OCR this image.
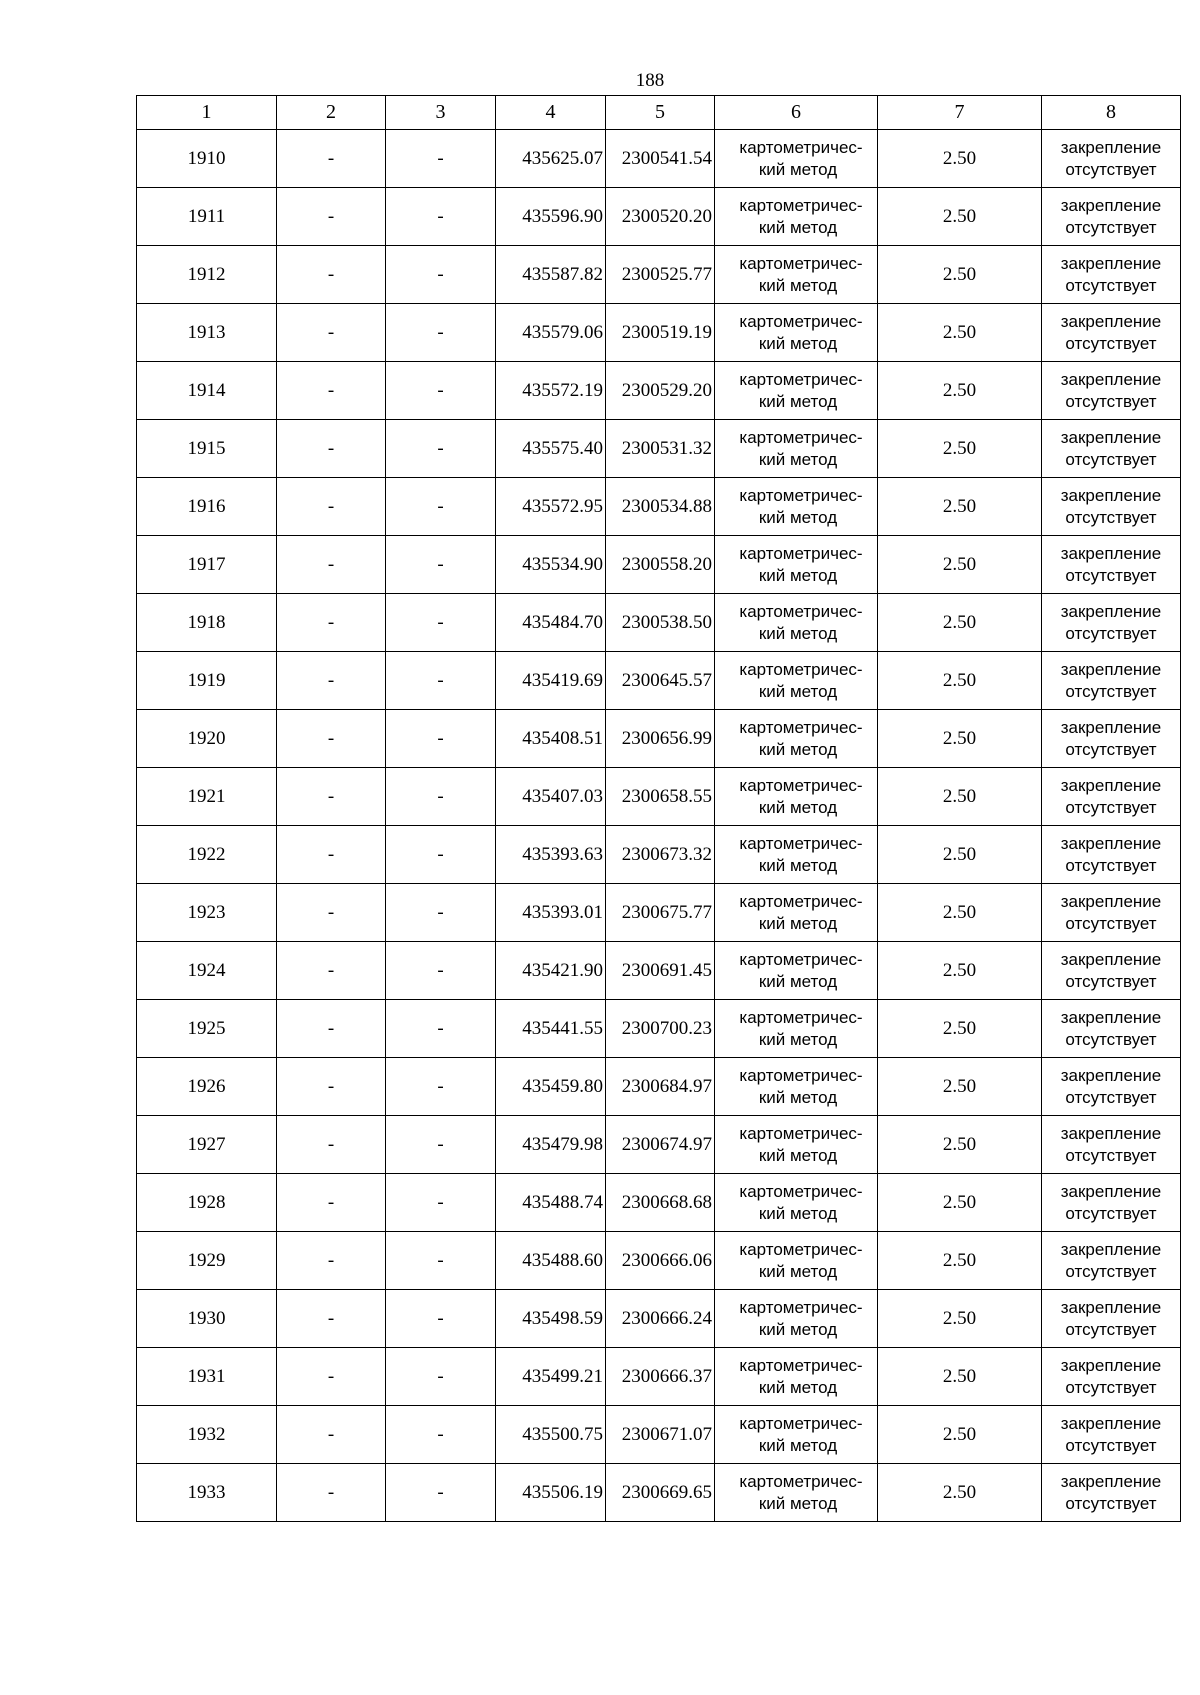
188
1	2	3	4	5	6	7	8
1910	-	-	435625.07	2300541.54	картометричес-
кий метод	2.50	закрепление
отсутствует

1911	-	-	435596.90	2300520.20	картометричес-
кий метод	2.50	закрепление
отсутствует

1912	-	-	435587.82	2300525.77	картометричес-
кий метод	2.50	закрепление
отсутствует

1913	-	-	435579.06	2300519.19	картометричес-
кий метод	2.50	закрепление
отсутствует

1914	-	-	435572.19	2300529.20	картометричес-
кий метод	2.50	закрепление
отсутствует

1915	-	-	435575.40	2300531.32	картометричес-
кий метод	2.50	закрепление
отсутствует

1916	-	-	435572.95	2300534.88	картометричес-
кий метод	2.50	закрепление
отсутствует

1917	-	-	435534.90	2300558.20	картометричес-
кий метод	2.50	закрепление
отсутствует

1918	-	-	435484.70	2300538.50	картометричес-
кий метод	2.50	закрепление
отсутствует

1919	-	-	435419.69	2300645.57	картометричес-
кий метод	2.50	закрепление
отсутствует

1920	-	-	435408.51	2300656.99	картометричес-
кий метод	2.50	закрепление
отсутствует

1921	-	-	435407.03	2300658.55	картометричес-
кий метод	2.50	закрепление
отсутствует

1922	-	-	435393.63	2300673.32	картометричес-
кий метод	2.50	закрепление
отсутствует

1923	-	-	435393.01	2300675.77	картометричес-
кий метод	2.50	закрепление
отсутствует

1924	-	-	435421.90	2300691.45	картометричес-
кий метод	2.50	закрепление
отсутствует

1925	-	-	435441.55	2300700.23	картометричес-
кий метод	2.50	закрепление
отсутствует

1926	-	-	435459.80	2300684.97	картометричес-
кий метод	2.50	закрепление
отсутствует

1927	-	-	435479.98	2300674.97	картометричес-
кий метод	2.50	закрепление
отсутствует

1928	-	-	435488.74	2300668.68	картометричес-
кий метод	2.50	закрепление
отсутствует

1929	-	-	435488.60	2300666.06	картометричес-
кий метод	2.50	закрепление
отсутствует

1930	-	-	435498.59	2300666.24	картометричес-
кий метод	2.50	закрепление
отсутствует

1931	-	-	435499.21	2300666.37	картометричес-
кий метод	2.50	закрепление
отсутствует

1932	-	-	435500.75	2300671.07	картометричес-
кий метод	2.50	закрепление
отсутствует

1933	-	-	435506.19	2300669.65	картометричес-
кий метод	2.50	закрепление
отсутствует
